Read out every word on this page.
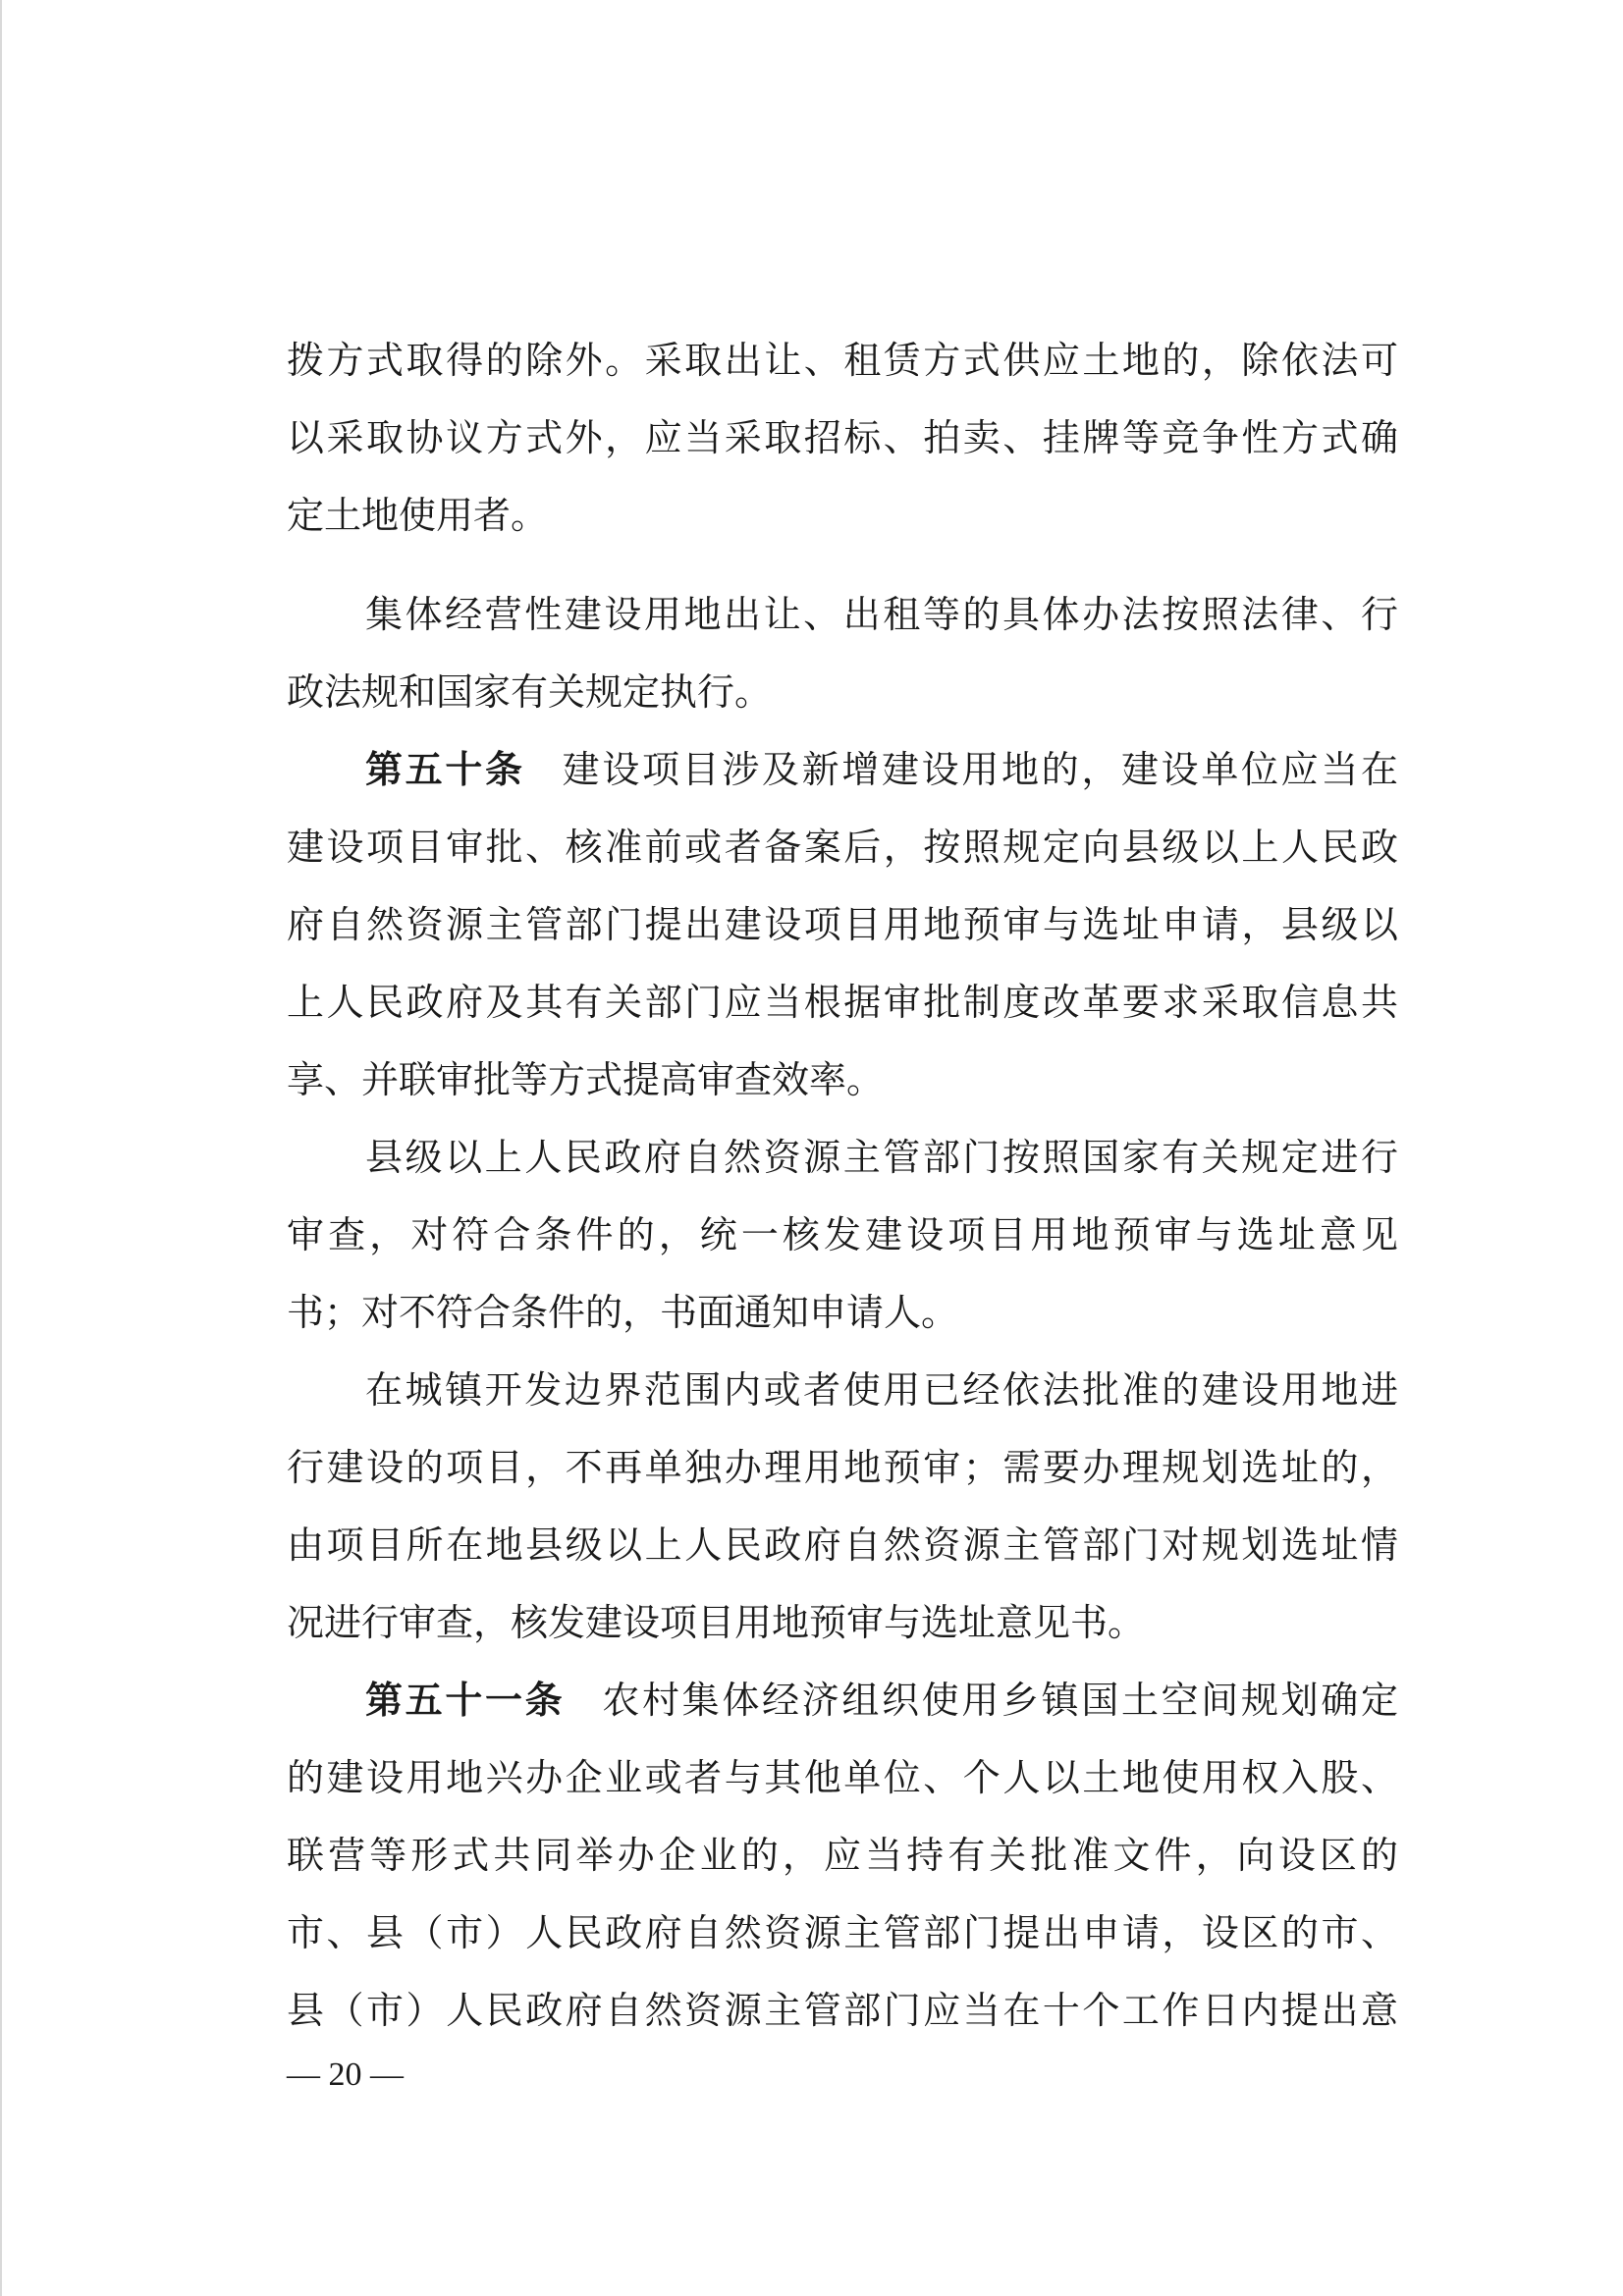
拨方式取得的除外。采取出让、租赁方式供应土地的，除依法可
以采取协议方式外，应当采取招标、拍卖、挂牌等竞争性方式确
定土地使用者。
集体经营性建设用地出让、出租等的具体办法按照法律、行
政法规和国家有关规定执行。
第五十条 建设项目涉及新增建设用地的，建设单位应当在
建设项目审批、核准前或者备案后，按照规定向县级以上人民政
府自然资源主管部门提出建设项目用地预审与选址申请，县级以
上人民政府及其有关部门应当根据审批制度改革要求采取信息共
享、并联审批等方式提高审查效率。
县级以上人民政府自然资源主管部门按照国家有关规定进行
审查，对符合条件的，统一核发建设项目用地预审与选址意见
书；对不符合条件的，书面通知申请人。
在城镇开发边界范围内或者使用已经依法批准的建设用地进
行建设的项目，不再单独办理用地预审；需要办理规划选址的，
由项目所在地县级以上人民政府自然资源主管部门对规划选址情
况进行审查，核发建设项目用地预审与选址意见书。
第五十一条 农村集体经济组织使用乡镇国土空间规划确定
的建设用地兴办企业或者与其他单位、个人以土地使用权入股、
联营等形式共同举办企业的，应当持有关批准文件，向设区的
市、县（市）人民政府自然资源主管部门提出申请，设区的市、
县（市）人民政府自然资源主管部门应当在十个工作日内提出意
— 20 —
